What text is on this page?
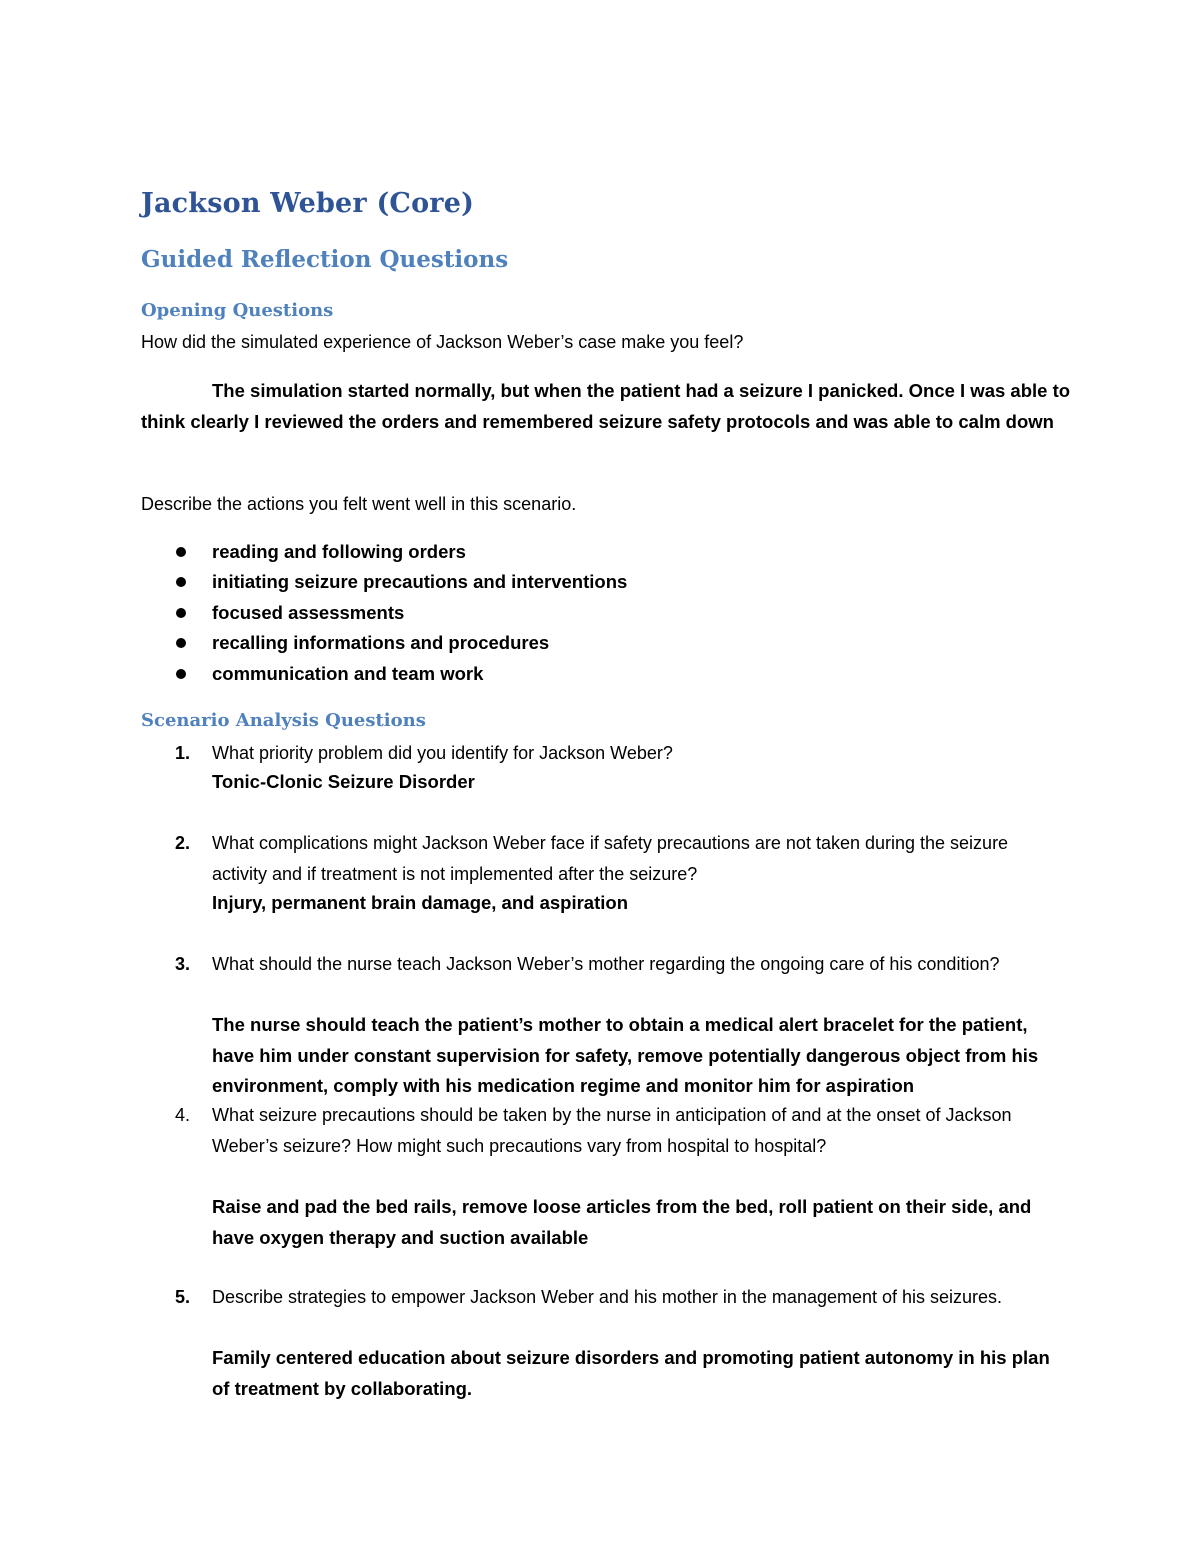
Jackson Weber (Core)
Guided Reflection Questions
Opening Questions

How did the simulated experience of Jackson Weber’s case make you feel?

The simulation started normally, but when the patient had a seizure I panicked. Once I was able to think clearly I reviewed the orders and remembered seizure safety protocols and was able to calm down

Describe the actions you felt went well in this scenario.

reading and following orders
initiating seizure precautions and interventions
focused assessments
recalling informations and procedures
communication and team work
Scenario Analysis Questions
1. What priority problem did you identify for Jackson Weber?

Tonic-Clonic Seizure Disorder

2. What complications might Jackson Weber face if safety precautions are not taken during the seizure activity and if treatment is not implemented after the seizure?

Injury, permanent brain damage, and aspiration

3. What should the nurse teach Jackson Weber’s mother regarding the ongoing care of his condition?

The nurse should teach the patient’s mother to obtain a medical alert bracelet for the patient, have him under constant supervision for safety, remove potentially dangerous object from his environment, comply with his medication regime and monitor him for aspiration

4. What seizure precautions should be taken by the nurse in anticipation of and at the onset of Jackson Weber’s seizure? How might such precautions vary from hospital to hospital?

Raise and pad the bed rails, remove loose articles from the bed, roll patient on their side, and have oxygen therapy and suction available

5. Describe strategies to empower Jackson Weber and his mother in the management of his seizures.

Family centered education about seizure disorders and promoting patient autonomy in his plan of treatment by collaborating.
